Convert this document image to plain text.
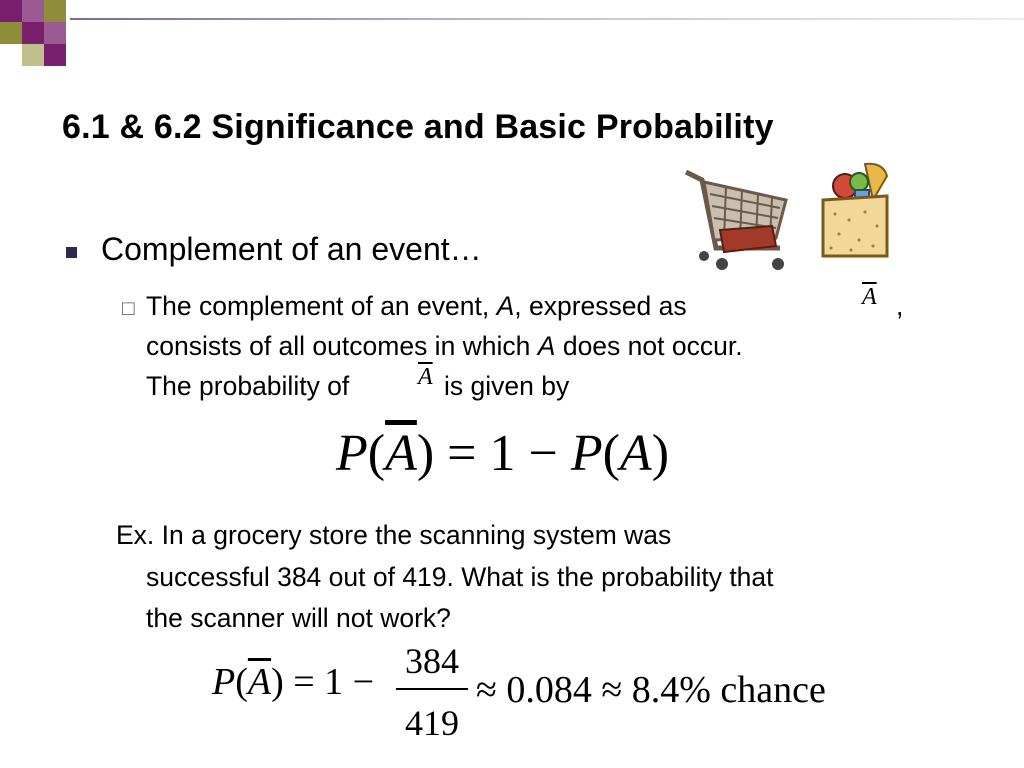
6.1 & 6.2 Significance and Basic Probability
Complement of an event…
□ The complement of an event, A, expressed as	$\overline{A}$ ,
consists of all outcomes in which A does not occur.
The probability of	$\overline{A}$ is given by
$P(\overline{A}) = 1 - P(A)$
Ex. In a grocery store the scanning system was
successful 384 out of 419. What is the probability that
the scanner will not work?
$P(\overline{A}) = 1 - 384$
419
≈ 0.084 ≈ 8.4% chance
